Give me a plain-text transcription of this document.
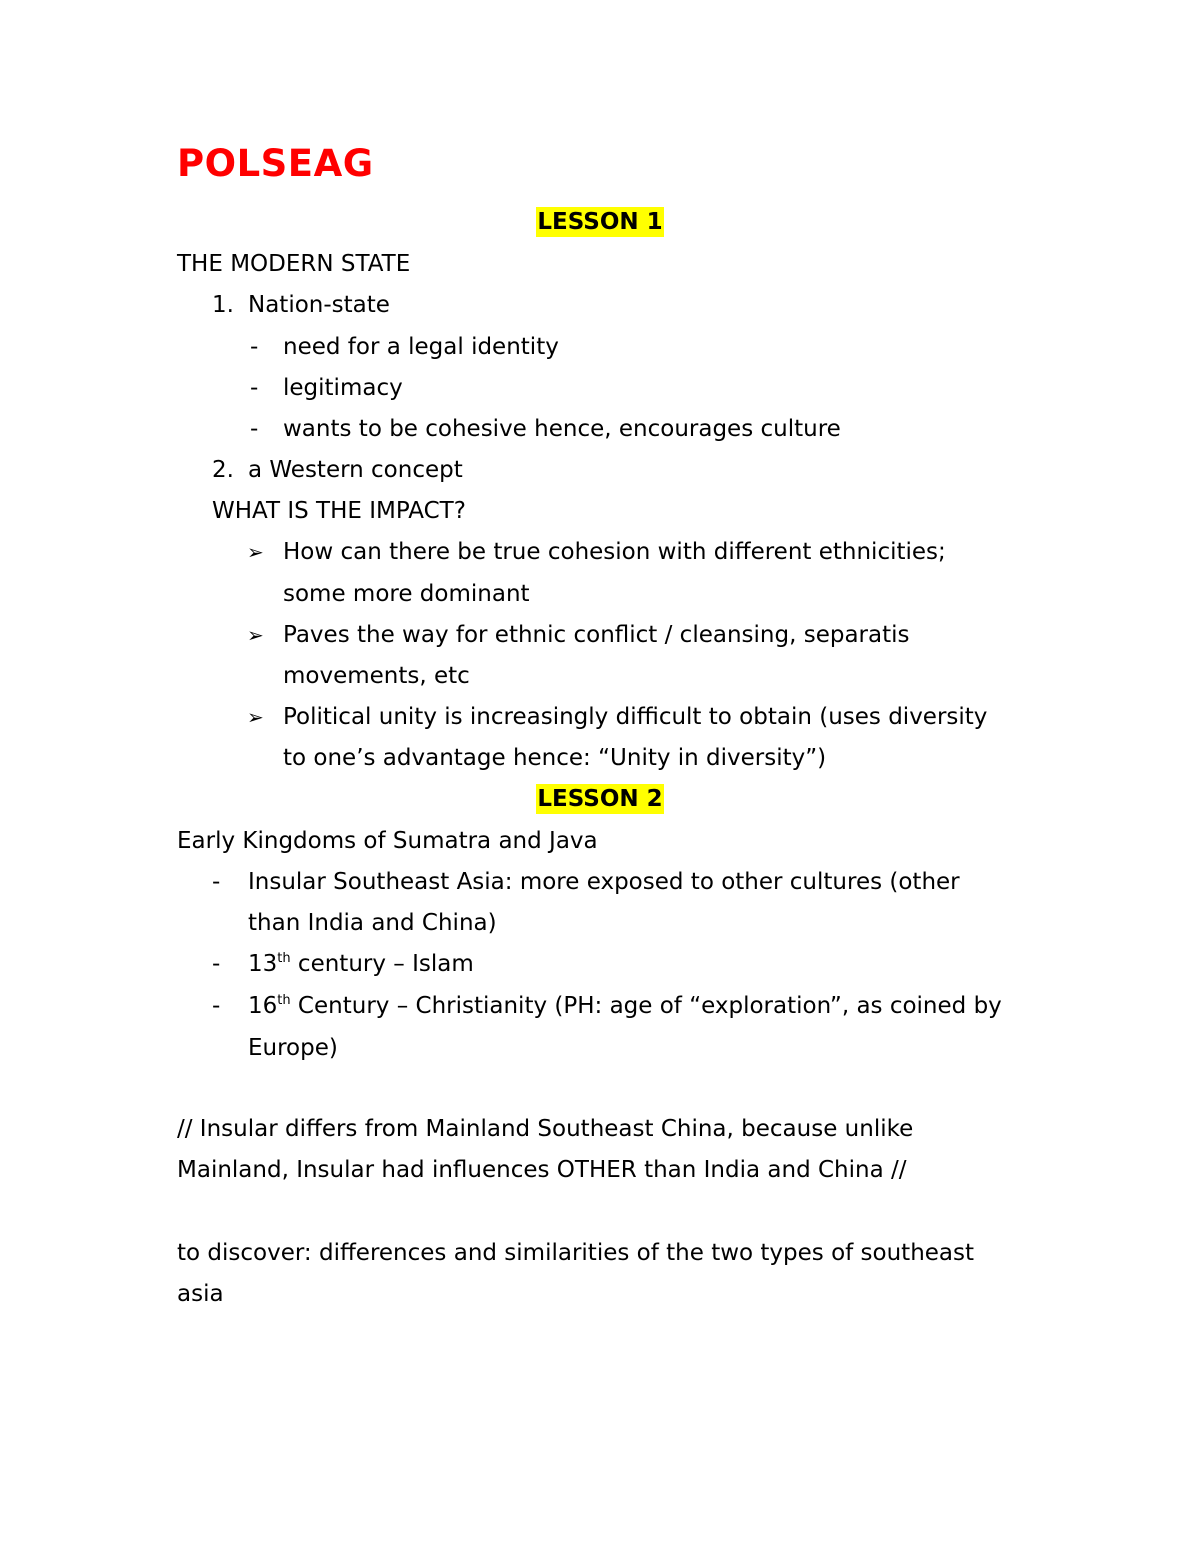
POLSEAG
LESSON 1
THE MODERN STATE
1. Nation-state
- need for a legal identity
- legitimacy
- wants to be cohesive hence, encourages culture
2. a Western concept
WHAT IS THE IMPACT?
➢ How can there be true cohesion with different ethnicities;
some more dominant
➢ Paves the way for ethnic conflict / cleansing, separatis
movements, etc
➢ Political unity is increasingly difficult to obtain (uses diversity
to one’s advantage hence: “Unity in diversity”)
LESSON 2
Early Kingdoms of Sumatra and Java
- Insular Southeast Asia: more exposed to other cultures (other
than India and China)
- 13th century – Islam
- 16th Century – Christianity (PH: age of “exploration”, as coined by
Europe)
// Insular differs from Mainland Southeast China, because unlike
Mainland, Insular had influences OTHER than India and China //
to discover: differences and similarities of the two types of southeast
asia
